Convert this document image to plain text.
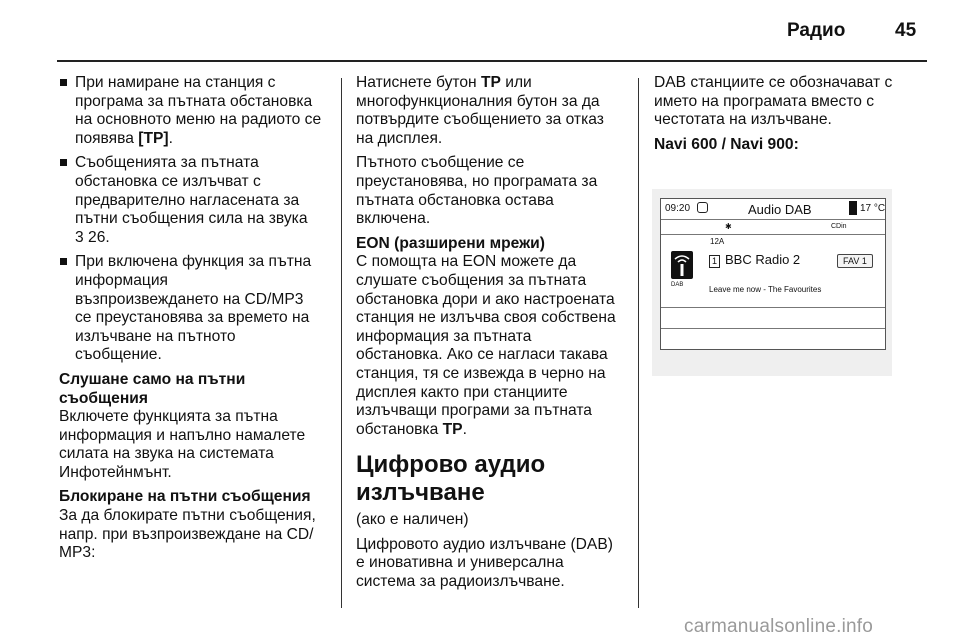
Радио	45
При намиране на станция с
програма за пътната обстановка
на основното меню на радиото се
появява [TP].
Съобщенията за пътната
обстановка се излъчват с
предварително нагласената за
пътни съобщения сила на звука
3 26.
При включена функция за пътна
информация
възпроизвеждането на CD/MP3
се преустановява за времето на
излъчване на пътното
съобщение.
Слушане само на пътни
съобщения
Включете функцията за пътна
информация и напълно намалете
силата на звука на системата
Инфотейнмънт.
Блокиране на пътни съобщения
За да блокирате пътни съобщения,
напр. при възпроизвеждане на CD/
MP3:
Натиснете бутон TP или
многофункционалния бутон за да
потвърдите съобщението за отказ
на дисплея.
Пътното съобщение се
преустановява, но програмата за
пътната обстановка остава
включена.
EON (разширени мрежи)
С помощта на EON можете да
слушате съобщения за пътната
обстановка дори и ако настроената
станция не излъчва своя собствена
информация за пътната
обстановка. Ако се нагласи такава
станция, тя се извежда в черно на
дисплея както при станциите
излъчващи програми за пътната
обстановка TP.
Цифрово аудио
излъчване
(ако е наличен)
Цифровото аудио излъчване (DAB)
е иновативна и универсална
система за радиоизлъчване.
DAB станциите се обозначават с
името на програмата вместо с
честотата на излъчване.
Navi 600 / Navi 900:
09:20	Audio DAB	17 °C
✱	CDin
12A
DAB
1 BBC Radio 2	FAV 1
Leave me now - The Favourites
carmanualsonline.info
